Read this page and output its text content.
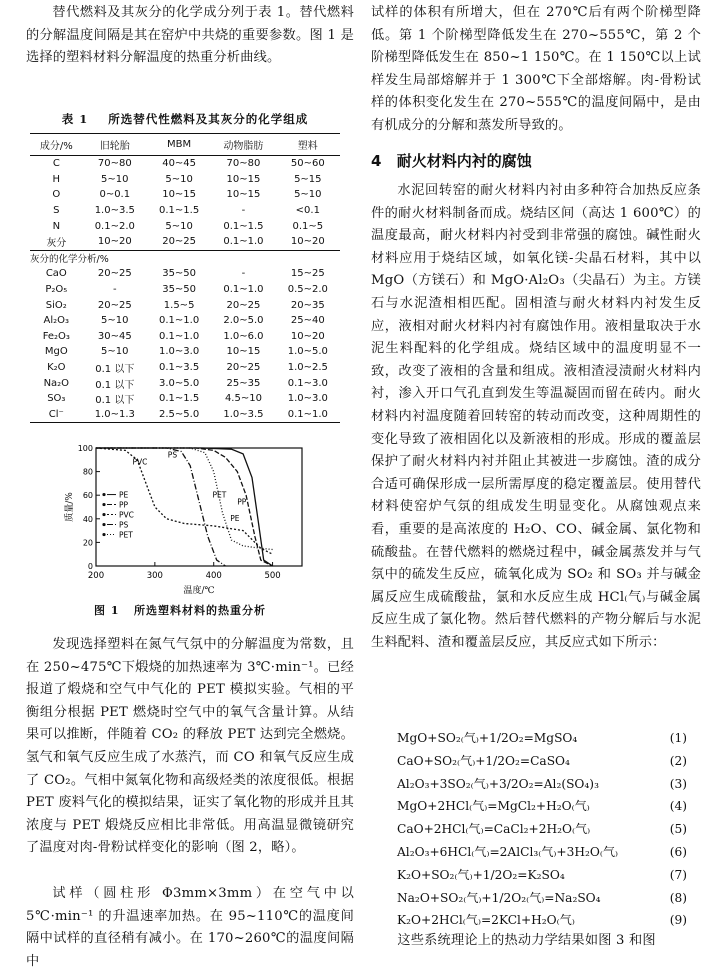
替代燃料及其灰分的化学成分列于表 1。替代燃料的分解温度间隔是其在窑炉中共烧的重要参数。图 1 是选择的塑料材料分解温度的热重分析曲线。

表 1 所选替代性燃料及其灰分的化学组成
成分/%	旧轮胎	MBM	动物脂肪	塑料
C	70~80	40~45	70~80	50~60
H	5~10	5~10	10~15	5~15
O	0~0.1	10~15	10~15	5~10
S	1.0~3.5	0.1~1.5	-	<0.1
N	0.1~2.0	5~10	0.1~1.5	0.1~5
灰分	10~20	20~25	0.1~1.0	10~20
灰分的化学分析/%				
CaO	20~25	35~50	-	15~25
P₂O₅	-	35~50	0.1~1.0	0.5~2.0
SiO₂	20~25	1.5~5	20~25	20~35
Al₂O₃	5~10	0.1~1.0	2.0~5.0	25~40
Fe₂O₃	30~45	0.1~1.0	1.0~6.0	10~20
MgO	5~10	1.0~3.0	10~15	1.0~5.0
K₂O	0.1 以下	0.1~3.5	20~25	1.0~2.5
Na₂O	0.1 以下	3.0~5.0	25~35	0.1~3.0
SO₃	0.1 以下	0.1~1.5	4.5~10	1.0~3.0
Cl⁻	1.0~1.3	2.5~5.0	1.0~3.5	0.1~1.0
200	300	400	500
100
80
60
40
20
0
温度/℃
质量/%	PE
PP
PVC
PS
PET
PVC
PS
PET
PE
PP
图 1 所选塑料材料的热重分析

发现选择塑料在氮气气氛中的分解温度为常数，且在 250~475℃下煅烧的加热速率为 3℃·min⁻¹。已经报道了煅烧和空气中气化的 PET 模拟实验。气相的平衡组分根据 PET 燃烧时空气中的氧气含量计算。从结果可以推断，伴随着 CO₂ 的释放 PET 达到完全燃烧。氢气和氧气反应生成了水蒸汽，而 CO 和氧气反应生成了 CO₂。气相中氮氧化物和高级烃类的浓度很低。根据 PET 废料气化的模拟结果，证实了氧化物的形成并且其浓度与 PET 煅烧反应相比非常低。用高温显微镜研究了温度对肉-骨粉试样变化的影响（图 2，略）。

试样（圆柱形 Φ3mm×3mm）在空气中以 5℃·min⁻¹ 的升温速率加热。在 95~110℃的温度间隔中试样的直径稍有减小。在 170~260℃的温度间隔中

试样的体积有所增大，但在 270℃后有两个阶梯型降低。第 1 个阶梯型降低发生在 270~555℃，第 2 个阶梯型降低发生在 850~1 150℃。在 1 150℃以上试样发生局部熔解并于 1 300℃下全部熔解。肉-骨粉试样的体积变化发生在 270~555℃的温度间隔中，是由有机成分的分解和蒸发所导致的。

4 耐火材料内衬的腐蚀

水泥回转窑的耐火材料内衬由多种符合加热反应条件的耐火材料制备而成。烧结区间（高达 1 600℃）的温度最高，耐火材料内衬受到非常强的腐蚀。碱性耐火材料应用于烧结区域，如氧化镁-尖晶石材料，其中以 MgO（方镁石）和 MgO·Al₂O₃（尖晶石）为主。方镁石与水泥渣相相匹配。固相渣与耐火材料内衬发生反应，液相对耐火材料内衬有腐蚀作用。液相量取决于水泥生料配料的化学组成。烧结区域中的温度明显不一致，改变了液相的含量和组成。液相渣浸渍耐火材料内衬，渗入开口气孔直到发生等温凝固而留在砖内。耐火材料内衬温度随着回转窑的转动而改变，这种周期性的变化导致了液相固化以及新液相的形成。形成的覆盖层保护了耐火材料内衬并阻止其被进一步腐蚀。渣的成分合适可确保形成一层所需厚度的稳定覆盖层。使用替代材料使窑炉气氛的组成发生明显变化。从腐蚀观点来看，重要的是高浓度的 H₂O、CO、碱金属、氯化物和硫酸盐。在替代燃料的燃烧过程中，碱金属蒸发并与气氛中的硫发生反应，硫氧化成为 SO₂ 和 SO₃ 并与碱金属反应生成硫酸盐，氯和水反应生成 HCl₍气₎与碱金属反应生成了氯化物。然后替代燃料的产物分解后与水泥生料配料、渣和覆盖层反应，其反应式如下所示：

MgO+SO₂₍气₎+1/2O₂=MgSO₄	(1)
CaO+SO₂₍气₎+1/2O₂=CaSO₄	(2)
Al₂O₃+3SO₂₍气₎+3/2O₂=Al₂(SO₄)₃	(3)
MgO+2HCl₍气₎=MgCl₂+H₂O₍气₎	(4)
CaO+2HCl₍气₎=CaCl₂+2H₂O₍气₎	(5)
Al₂O₃+6HCl₍气₎=2AlCl₃₍气₎+3H₂O₍气₎	(6)
K₂O+SO₂₍气₎+1/2O₂=K₂SO₄	(7)
Na₂O+SO₂₍气₎+1/2O₂₍气₎=Na₂SO₄	(8)
K₂O+2HCl₍气₎=2KCl+H₂O₍气₎	(9)

这些系统理论上的热动力学结果如图 3 和图
